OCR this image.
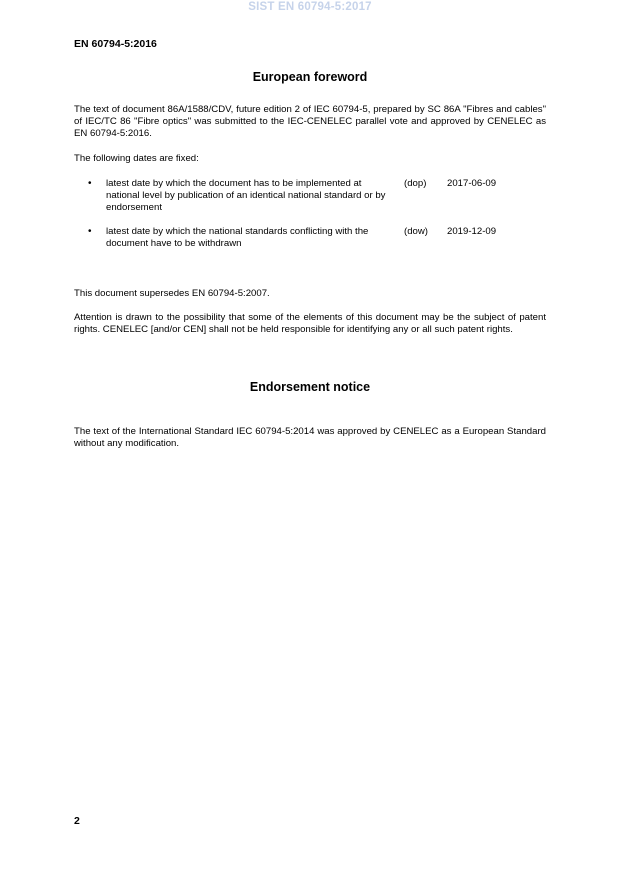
SIST EN 60794-5:2017
EN 60794-5:2016
European foreword

The text of document 86A/1588/CDV, future edition 2 of IEC 60794-5, prepared by SC 86A "Fibres and cables" of IEC/TC 86 "Fibre optics" was submitted to the IEC-CENELEC parallel vote and approved by CENELEC as EN 60794-5:2016.

The following dates are fixed:

• latest date by which the document has to be implemented at national level by publication of an identical national standard or by endorsement
(dop) 2017-06-09
• latest date by which the national standards conflicting with the document have to be withdrawn
(dow) 2019-12-09

This document supersedes EN 60794-5:2007.

Attention is drawn to the possibility that some of the elements of this document may be the subject of patent rights. CENELEC [and/or CEN] shall not be held responsible for identifying any or all such patent rights.

Endorsement notice

The text of the International Standard IEC 60794-5:2014 was approved by CENELEC as a European Standard without any modification.

2
